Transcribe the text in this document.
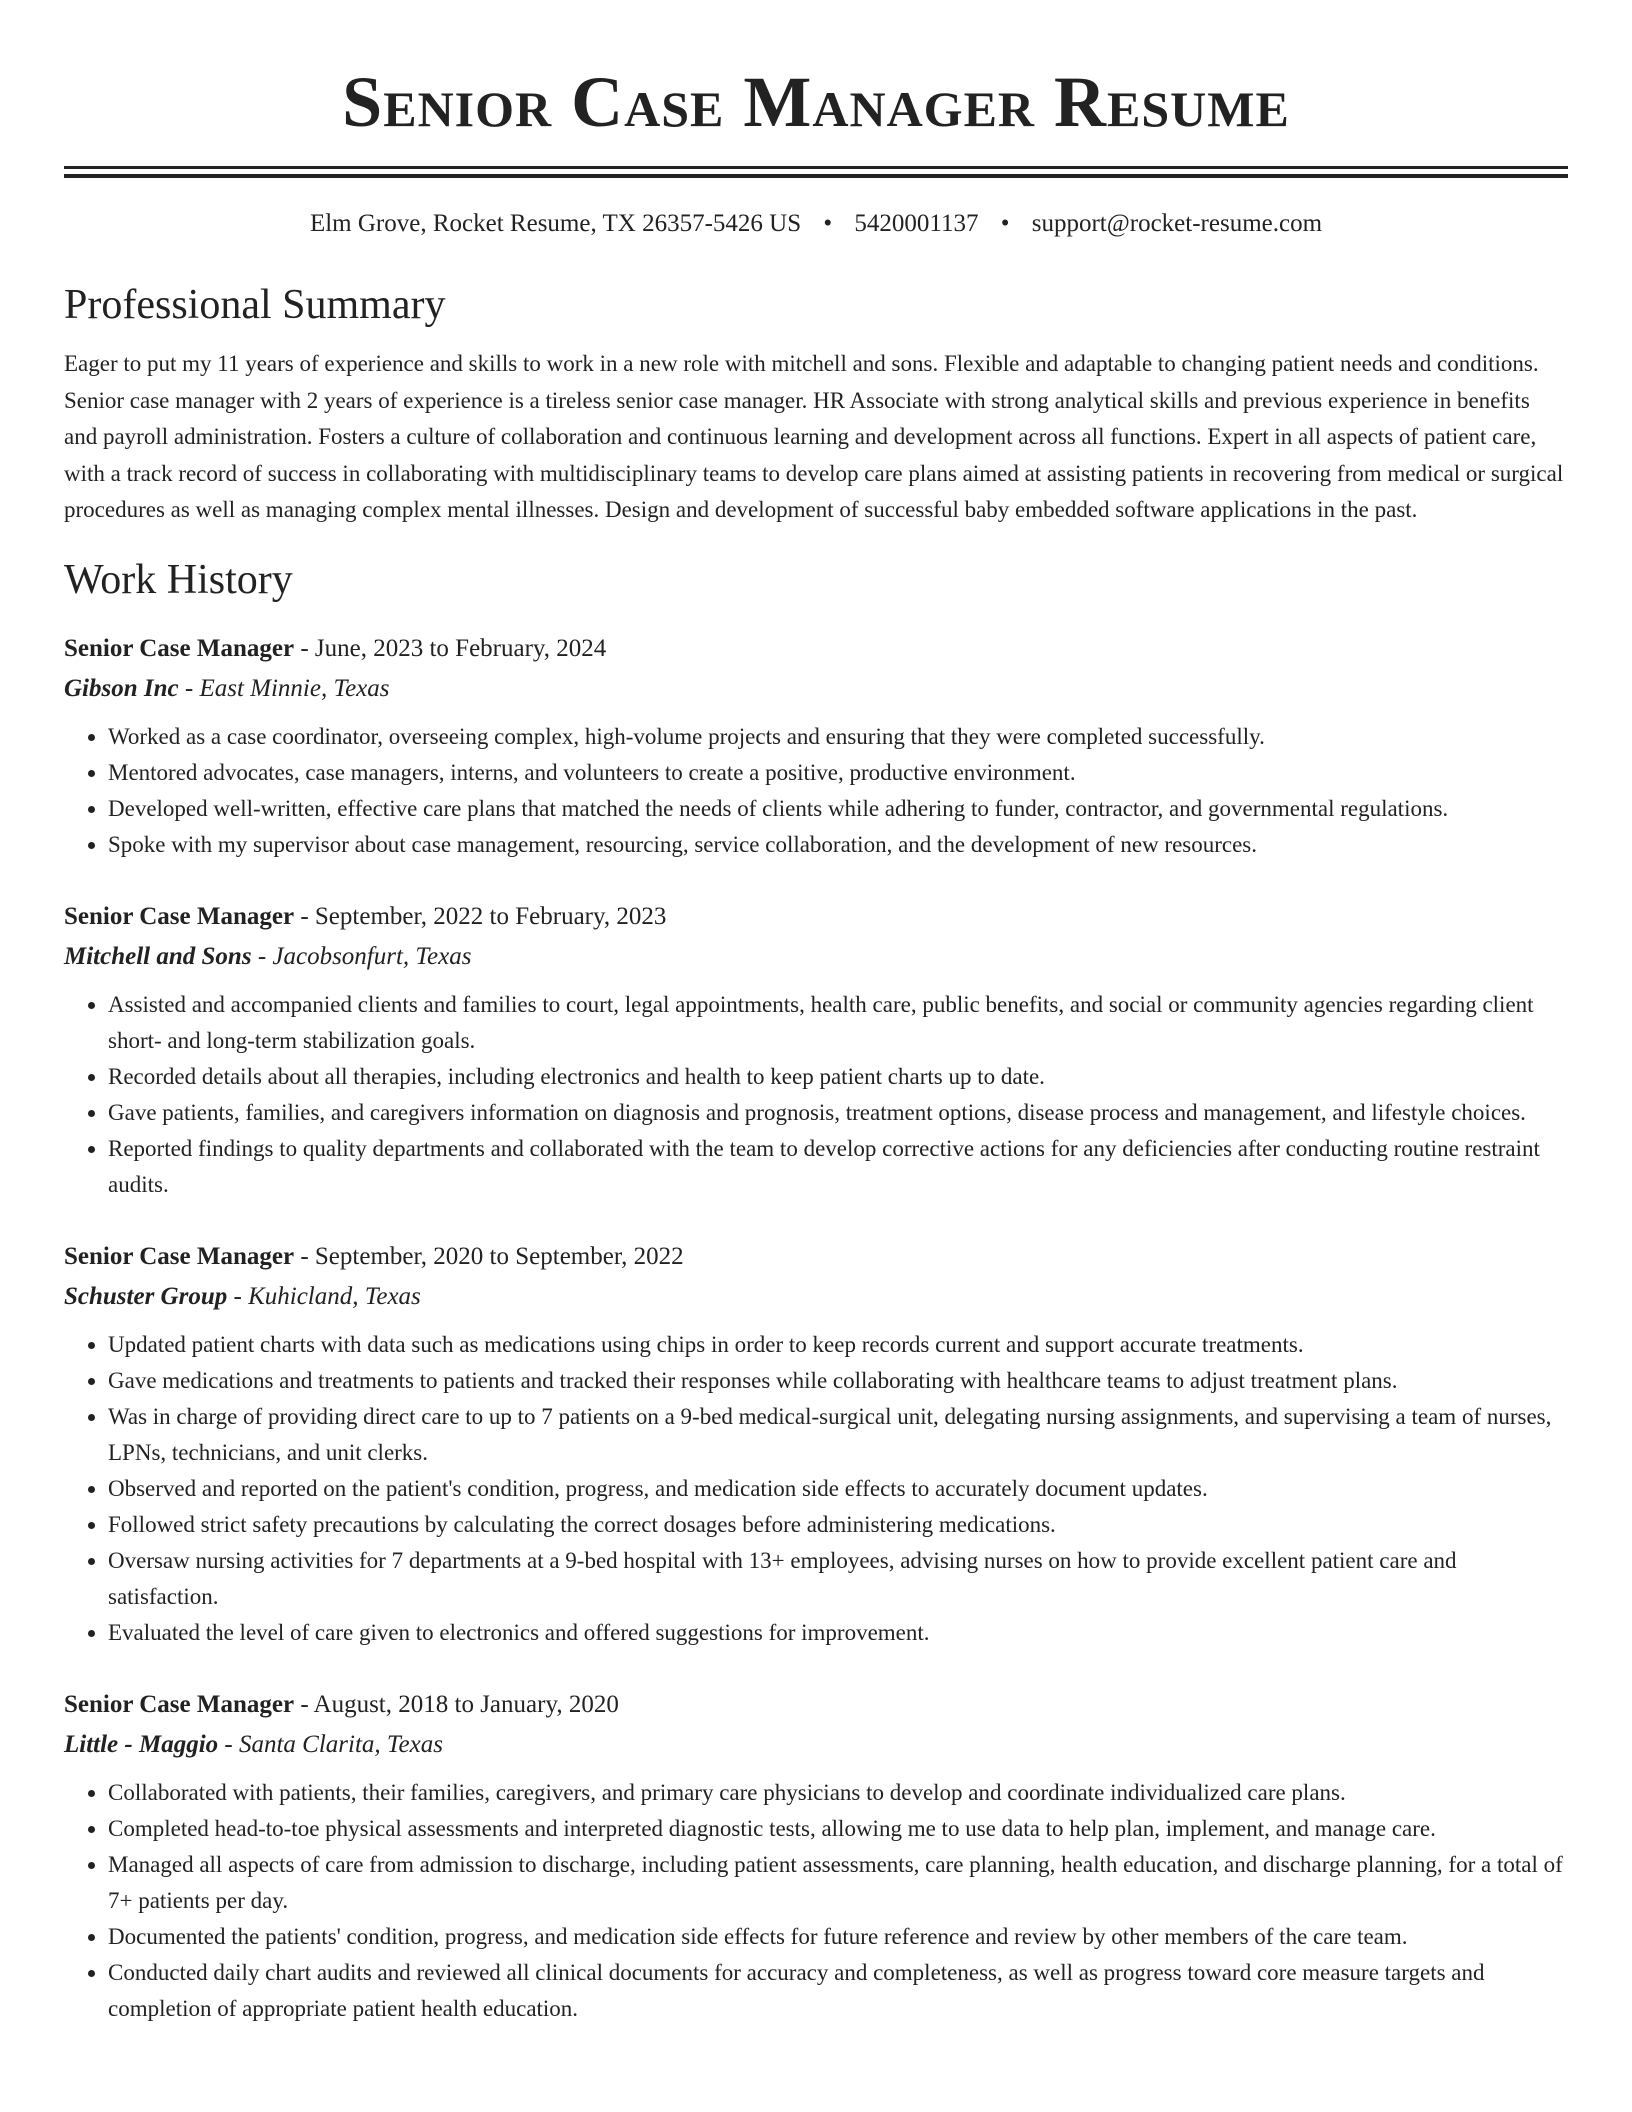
Senior Case Manager Resume
Elm Grove, Rocket Resume, TX 26357-5426 US • 5420001137 • support@rocket-resume.com
Professional Summary

Eager to put my 11 years of experience and skills to work in a new role with mitchell and sons. Flexible and adaptable to changing patient needs and conditions. Senior case manager with 2 years of experience is a tireless senior case manager. HR Associate with strong analytical skills and previous experience in benefits and payroll administration. Fosters a culture of collaboration and continuous learning and development across all functions. Expert in all aspects of patient care, with a track record of success in collaborating with multidisciplinary teams to develop care plans aimed at assisting patients in recovering from medical or surgical procedures as well as managing complex mental illnesses. Design and development of successful baby embedded software applications in the past.

Work History
Senior Case Manager - June, 2023 to February, 2024
Gibson Inc - East Minnie, Texas
• Worked as a case coordinator, overseeing complex, high-volume projects and ensuring that they were completed successfully.
• Mentored advocates, case managers, interns, and volunteers to create a positive, productive environment.
• Developed well-written, effective care plans that matched the needs of clients while adhering to funder, contractor, and governmental regulations.
• Spoke with my supervisor about case management, resourcing, service collaboration, and the development of new resources.
Senior Case Manager - September, 2022 to February, 2023
Mitchell and Sons - Jacobsonfurt, Texas
• Assisted and accompanied clients and families to court, legal appointments, health care, public benefits, and social or community agencies regarding client short- and long-term stabilization goals.
• Recorded details about all therapies, including electronics and health to keep patient charts up to date.
• Gave patients, families, and caregivers information on diagnosis and prognosis, treatment options, disease process and management, and lifestyle choices.
• Reported findings to quality departments and collaborated with the team to develop corrective actions for any deficiencies after conducting routine restraint audits.
Senior Case Manager - September, 2020 to September, 2022
Schuster Group - Kuhicland, Texas
• Updated patient charts with data such as medications using chips in order to keep records current and support accurate treatments.
• Gave medications and treatments to patients and tracked their responses while collaborating with healthcare teams to adjust treatment plans.
• Was in charge of providing direct care to up to 7 patients on a 9-bed medical-surgical unit, delegating nursing assignments, and supervising a team of nurses, LPNs, technicians, and unit clerks.
• Observed and reported on the patient's condition, progress, and medication side effects to accurately document updates.
• Followed strict safety precautions by calculating the correct dosages before administering medications.
• Oversaw nursing activities for 7 departments at a 9-bed hospital with 13+ employees, advising nurses on how to provide excellent patient care and satisfaction.
• Evaluated the level of care given to electronics and offered suggestions for improvement.
Senior Case Manager - August, 2018 to January, 2020
Little - Maggio - Santa Clarita, Texas
• Collaborated with patients, their families, caregivers, and primary care physicians to develop and coordinate individualized care plans.
• Completed head-to-toe physical assessments and interpreted diagnostic tests, allowing me to use data to help plan, implement, and manage care.
• Managed all aspects of care from admission to discharge, including patient assessments, care planning, health education, and discharge planning, for a total of 7+ patients per day.
• Documented the patients' condition, progress, and medication side effects for future reference and review by other members of the care team.
• Conducted daily chart audits and reviewed all clinical documents for accuracy and completeness, as well as progress toward core measure targets and completion of appropriate patient health education.
